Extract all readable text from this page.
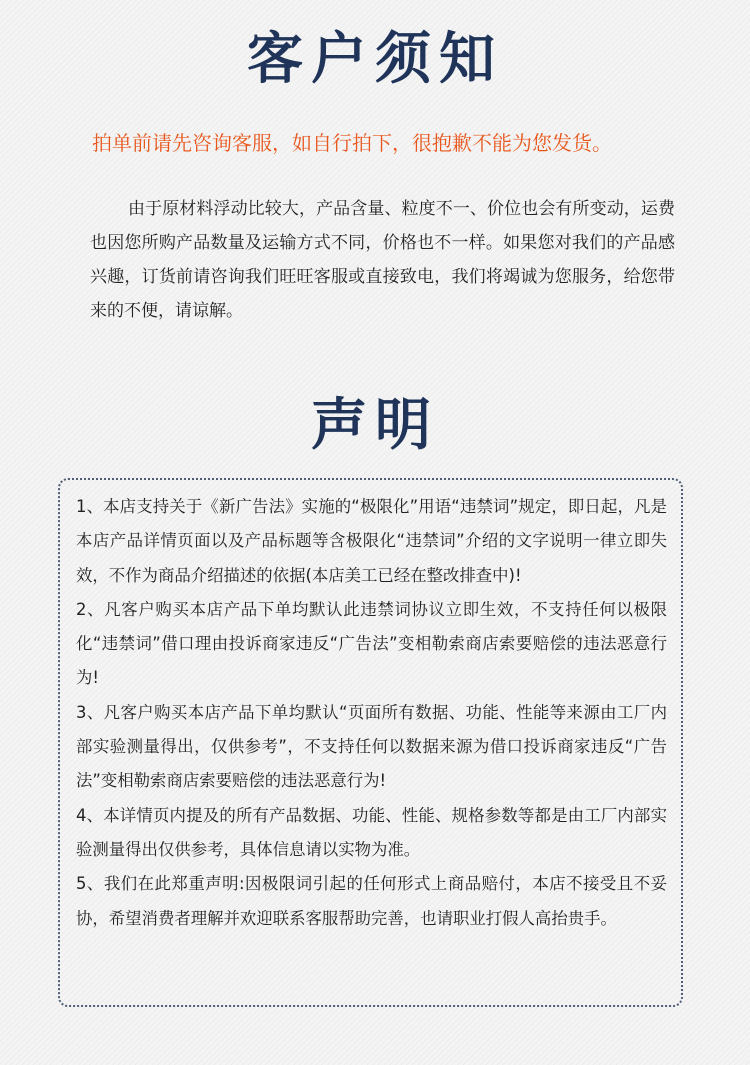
客户须知

拍单前请先咨询客服，如自行拍下，很抱歉不能为您发货。

由于原材料浮动比较大，产品含量、粒度不一、价位也会有所变动，运费也因您所购产品数量及运输方式不同，价格也不一样。如果您对我们的产品感兴趣，订货前请咨询我们旺旺客服或直接致电，我们将竭诚为您服务，给您带来的不便，请谅解。

声明

1、本店支持关于《新广告法》实施的“极限化”用语“违禁词”规定，即日起，凡是本店产品详情页面以及产品标题等含极限化“违禁词”介绍的文字说明一律立即失效，不作为商品介绍描述的依据(本店美工已经在整改排查中)!

2、凡客户购买本店产品下单均默认此违禁词协议立即生效，不支持任何以极限化“违禁词”借口理由投诉商家违反“广告法”变相勒索商店索要赔偿的违法恶意行为!

3、凡客户购买本店产品下单均默认“页面所有数据、功能、性能等来源由工厂内部实验测量得出，仅供参考”，不支持任何以数据来源为借口投诉商家违反“广告法”变相勒索商店索要赔偿的违法恶意行为!

4、本详情页内提及的所有产品数据、功能、性能、规格参数等都是由工厂内部实验测量得出仅供参考，具体信息请以实物为准。

5、我们在此郑重声明:因极限词引起的任何形式上商品赔付，本店不接受且不妥协，希望消费者理解并欢迎联系客服帮助完善，也请职业打假人高抬贵手。
